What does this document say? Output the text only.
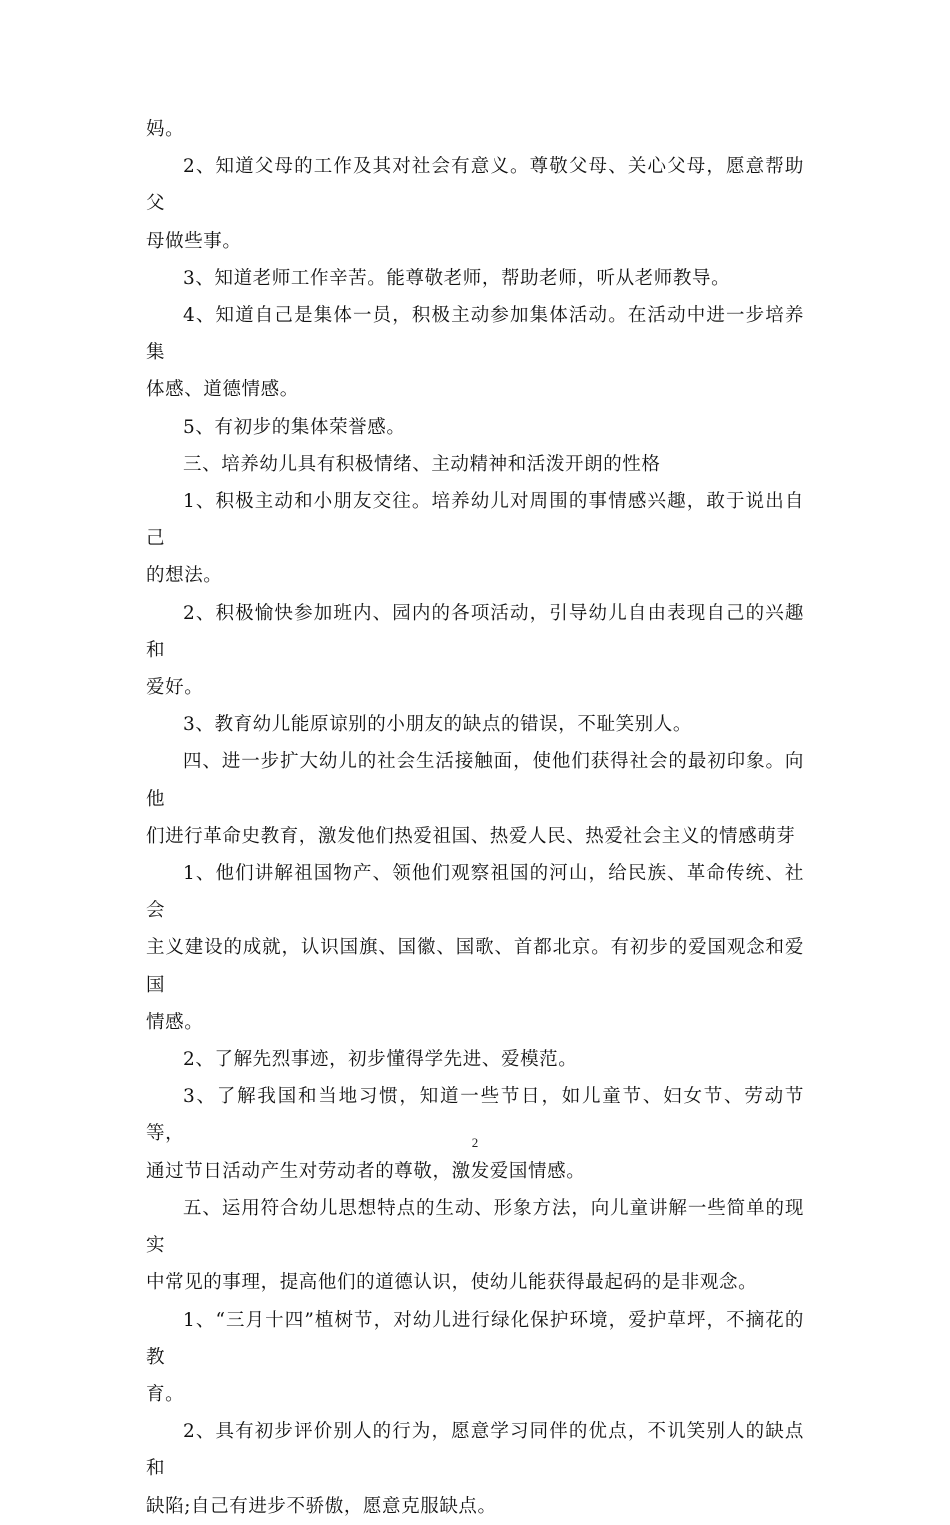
妈。

2、知道父母的工作及其对社会有意义。尊敬父母、关心父母，愿意帮助父
母做些事。

3、知道老师工作辛苦。能尊敬老师，帮助老师，听从老师教导。

4、知道自己是集体一员，积极主动参加集体活动。在活动中进一步培养集
体感、道德情感。

5、有初步的集体荣誉感。

三、培养幼儿具有积极情绪、主动精神和活泼开朗的性格

1、积极主动和小朋友交往。培养幼儿对周围的事情感兴趣，敢于说出自己
的想法。

2、积极愉快参加班内、园内的各项活动，引导幼儿自由表现自己的兴趣和
爱好。

3、教育幼儿能原谅别的小朋友的缺点的错误，不耻笑别人。

四、进一步扩大幼儿的社会生活接触面，使他们获得社会的最初印象。向他
们进行革命史教育，激发他们热爱祖国、热爱人民、热爱社会主义的情感萌芽

1、他们讲解祖国物产、领他们观察祖国的河山，给民族、革命传统、社会
主义建设的成就，认识国旗、国徽、国歌、首都北京。有初步的爱国观念和爱国
情感。

2、了解先烈事迹，初步懂得学先进、爱模范。

3、了解我国和当地习惯，知道一些节日，如儿童节、妇女节、劳动节等，
通过节日活动产生对劳动者的尊敬，激发爱国情感。

五、运用符合幼儿思想特点的生动、形象方法，向儿童讲解一些简单的现实
中常见的事理，提高他们的道德认识，使幼儿能获得最起码的是非观念。

1、“三月十四”植树节，对幼儿进行绿化保护环境，爱护草坪，不摘花的教
育。

2、具有初步评价别人的行为，愿意学习同伴的优点，不讥笑别人的缺点和
缺陷;自己有进步不骄傲，愿意克服缺点。

2
